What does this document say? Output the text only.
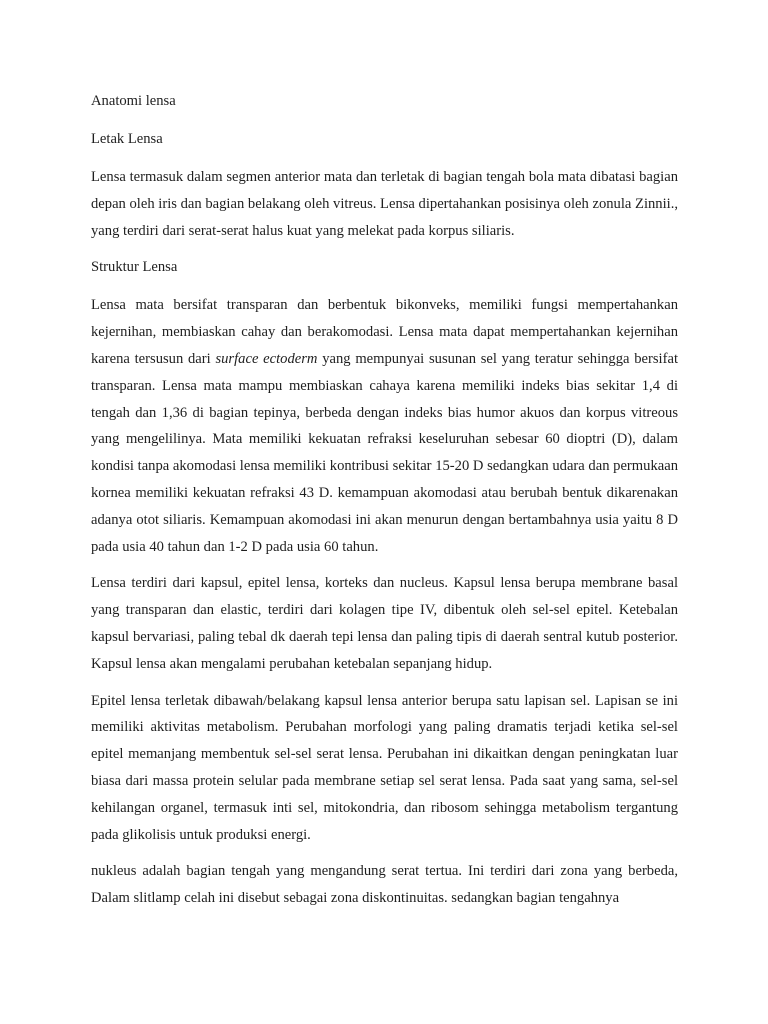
Anatomi lensa
Letak Lensa

Lensa termasuk dalam segmen anterior mata dan terletak di bagian tengah bola mata dibatasi bagian depan oleh iris dan bagian belakang oleh vitreus. Lensa dipertahankan posisinya oleh zonula Zinnii., yang terdiri dari serat-serat halus kuat yang melekat pada korpus siliaris.

Struktur Lensa

Lensa mata bersifat transparan dan berbentuk bikonveks, memiliki fungsi mempertahankan kejernihan, membiaskan cahay dan berakomodasi. Lensa mata dapat mempertahankan kejernihan karena tersusun dari surface ectoderm yang mempunyai susunan sel yang teratur sehingga bersifat transparan. Lensa mata mampu membiaskan cahaya karena memiliki indeks bias sekitar 1,4 di tengah dan 1,36 di bagian tepinya, berbeda dengan indeks bias humor akuos dan korpus vitreous yang mengelilinya. Mata memiliki kekuatan refraksi keseluruhan sebesar 60 dioptri (D), dalam kondisi tanpa akomodasi lensa memiliki kontribusi sekitar 15-20 D sedangkan udara dan permukaan kornea memiliki kekuatan refraksi 43 D. kemampuan akomodasi atau berubah bentuk dikarenakan adanya otot siliaris. Kemampuan akomodasi ini akan menurun dengan bertambahnya usia yaitu 8 D pada usia 40 tahun dan 1-2 D pada usia 60 tahun.

Lensa terdiri dari kapsul, epitel lensa, korteks dan nucleus. Kapsul lensa berupa membrane basal yang transparan dan elastic, terdiri dari kolagen tipe IV, dibentuk oleh sel-sel epitel. Ketebalan kapsul bervariasi, paling tebal dk daerah tepi lensa dan paling tipis di daerah sentral kutub posterior. Kapsul lensa akan mengalami perubahan ketebalan sepanjang hidup.

Epitel lensa terletak dibawah/belakang kapsul lensa anterior berupa satu lapisan sel. Lapisan se ini memiliki aktivitas metabolism. Perubahan morfologi yang paling dramatis terjadi ketika sel-sel epitel memanjang membentuk sel-sel serat lensa. Perubahan ini dikaitkan dengan peningkatan luar biasa dari massa protein selular pada membrane setiap sel serat lensa. Pada saat yang sama, sel-sel kehilangan organel, termasuk inti sel, mitokondria, dan ribosom sehingga metabolism tergantung pada glikolisis untuk produksi energi.

nukleus adalah bagian tengah yang mengandung serat tertua. Ini terdiri dari zona yang berbeda, Dalam slitlamp celah ini disebut sebagai zona diskontinuitas. sedangkan bagian tengahnya
